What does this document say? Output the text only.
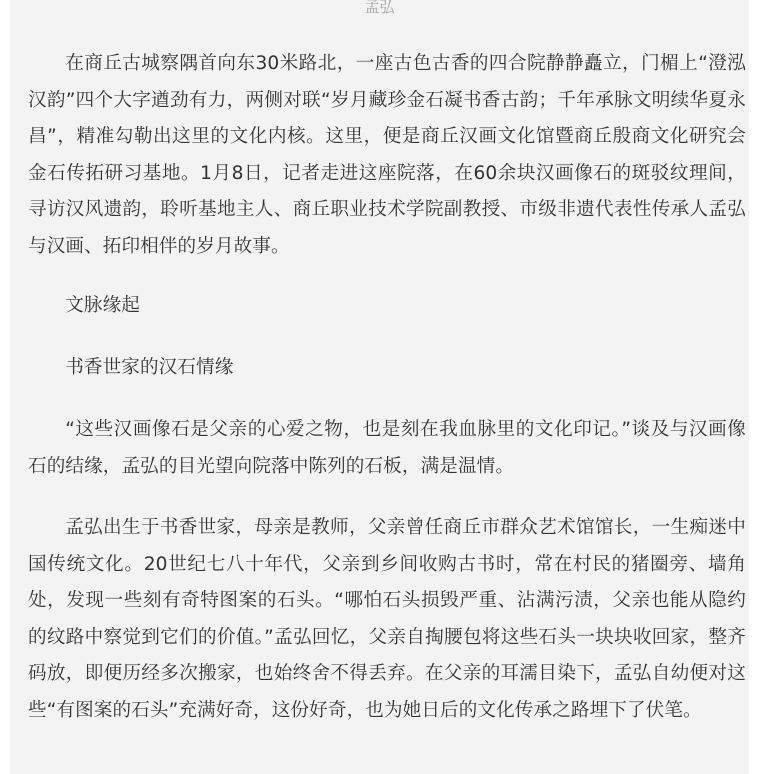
孟弘

在商丘古城察隅首向东30米路北，一座古色古香的四合院静静矗立，门楣上“澄泓汉韵”四个大字遒劲有力，两侧对联“岁月藏珍金石凝书香古韵；千年承脉文明续华夏永昌”，精准勾勒出这里的文化内核。这里，便是商丘汉画文化馆暨商丘殷商文化研究会金石传拓研习基地。1月8日，记者走进这座院落，在60余块汉画像石的斑驳纹理间，寻访汉风遗韵，聆听基地主人、商丘职业技术学院副教授、市级非遗代表性传承人孟弘与汉画、拓印相伴的岁月故事。

文脉缘起

书香世家的汉石情缘

“这些汉画像石是父亲的心爱之物，也是刻在我血脉里的文化印记。”谈及与汉画像石的结缘，孟弘的目光望向院落中陈列的石板，满是温情。

孟弘出生于书香世家，母亲是教师，父亲曾任商丘市群众艺术馆馆长，一生痴迷中国传统文化。20世纪七八十年代，父亲到乡间收购古书时，常在村民的猪圈旁、墙角处，发现一些刻有奇特图案的石头。“哪怕石头损毁严重、沾满污渍，父亲也能从隐约的纹路中察觉到它们的价值。”孟弘回忆，父亲自掏腰包将这些石头一块块收回家，整齐码放，即便历经多次搬家，也始终舍不得丢弃。在父亲的耳濡目染下，孟弘自幼便对这些“有图案的石头”充满好奇，这份好奇，也为她日后的文化传承之路埋下了伏笔。
